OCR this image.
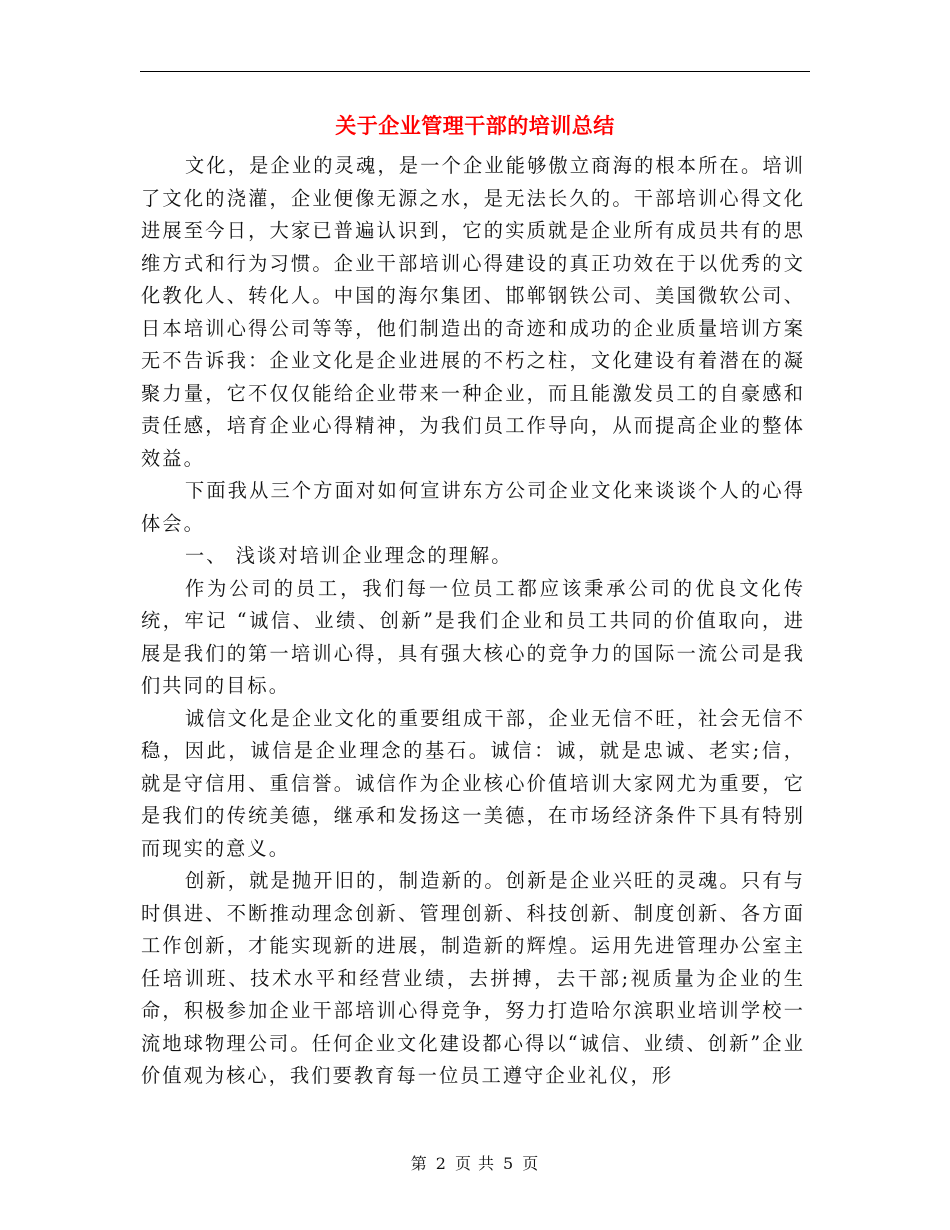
关于企业管理干部的培训总结

文化，是企业的灵魂，是一个企业能够傲立商海的根本所在。培训了文化的浇灌，企业便像无源之水，是无法长久的。干部培训心得文化进展至今日，大家已普遍认识到，它的实质就是企业所有成员共有的思维方式和行为习惯。企业干部培训心得建设的真正功效在于以优秀的文化教化人、转化人。中国的海尔集团、邯郸钢铁公司、美国微软公司、日本培训心得公司等等，他们制造出的奇迹和成功的企业质量培训方案无不告诉我：企业文化是企业进展的不朽之柱，文化建设有着潜在的凝聚力量，它不仅仅能给企业带来一种企业，而且能激发员工的自豪感和责任感，培育企业心得精神，为我们员工作导向，从而提高企业的整体效益。

下面我从三个方面对如何宣讲东方公司企业文化来谈谈个人的心得体会。

一、 浅谈对培训企业理念的理解。

作为公司的员工，我们每一位员工都应该秉承公司的优良文化传统，牢记 “诚信、业绩、创新”是我们企业和员工共同的价值取向，进展是我们的第一培训心得，具有强大核心的竞争力的国际一流公司是我们共同的目标。

诚信文化是企业文化的重要组成干部，企业无信不旺，社会无信不稳，因此，诚信是企业理念的基石。诚信：诚，就是忠诚、老实;信，就是守信用、重信誉。诚信作为企业核心价值培训大家网尤为重要，它是我们的传统美德，继承和发扬这一美德，在市场经济条件下具有特别而现实的意义。

创新，就是抛开旧的，制造新的。创新是企业兴旺的灵魂。只有与时俱进、不断推动理念创新、管理创新、科技创新、制度创新、各方面工作创新，才能实现新的进展，制造新的辉煌。运用先进管理办公室主任培训班、技术水平和经营业绩，去拼搏，去干部;视质量为企业的生命，积极参加企业干部培训心得竞争，努力打造哈尔滨职业培训学校一流地球物理公司。任何企业文化建设都心得以“诚信、业绩、创新”企业价值观为核心，我们要教育每一位员工遵守企业礼仪，形

第 2 页 共 5 页
